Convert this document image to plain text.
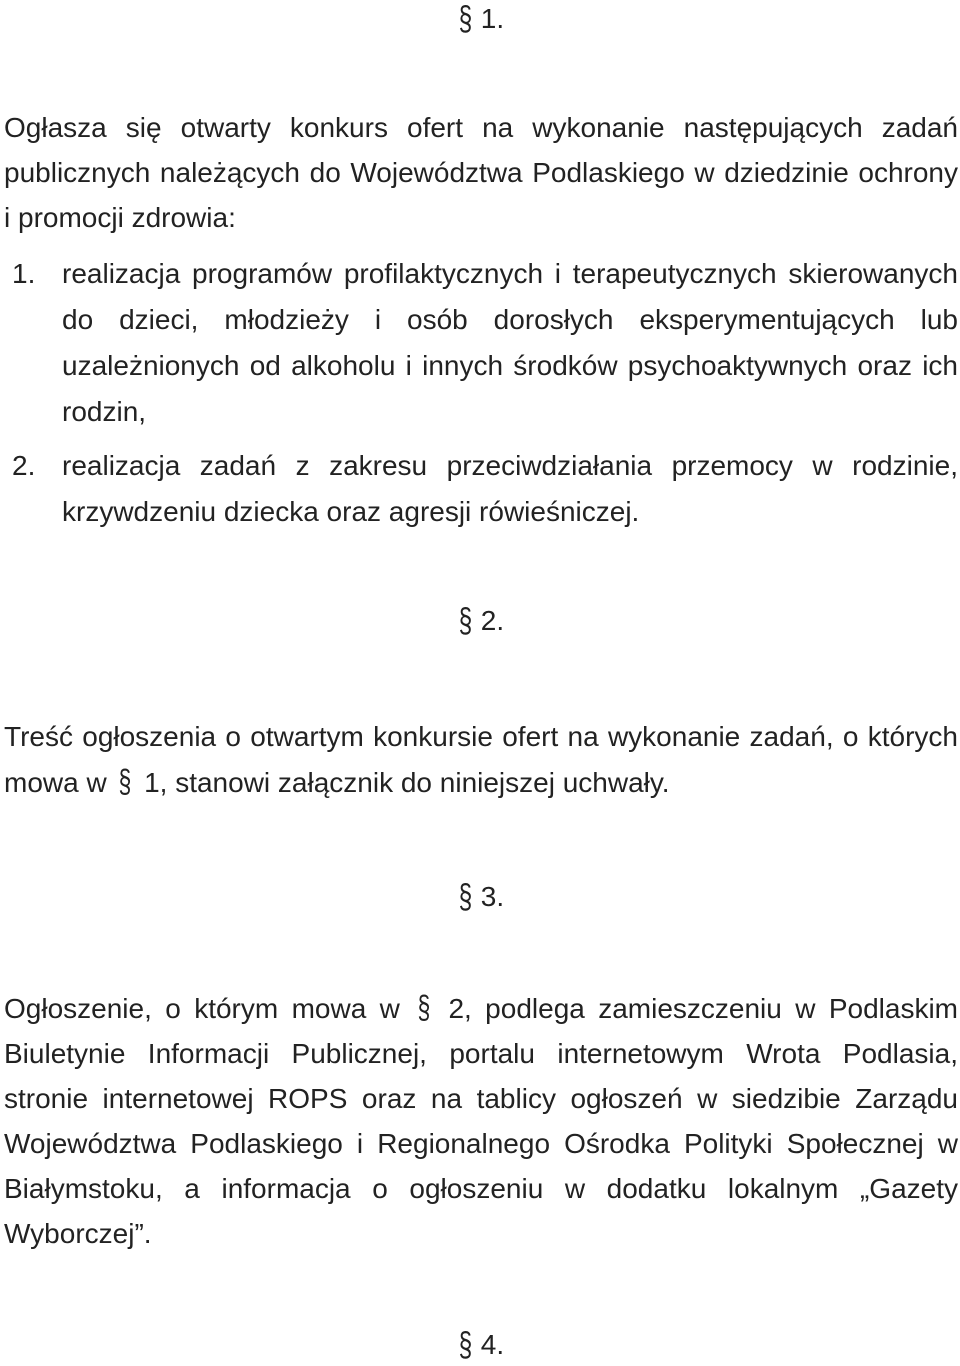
§ 1.

Ogłasza się otwarty konkurs ofert na wykonanie następujących zadań publicznych należących do Województwa Podlaskiego w dziedzinie ochrony i promocji zdrowia:

1. realizacja programów profilaktycznych i terapeutycznych skierowanych do dzieci, młodzieży i osób dorosłych eksperymentujących lub uzależnionych od alkoholu i innych środków psychoaktywnych oraz ich rodzin,
2. realizacja zadań z zakresu przeciwdziałania przemocy w rodzinie, krzywdzeniu dziecka oraz agresji rówieśniczej.
§ 2.

Treść ogłoszenia o otwartym konkursie ofert na wykonanie zadań, o których mowa w § 1, stanowi załącznik do niniejszej uchwały.

§ 3.

Ogłoszenie, o którym mowa w § 2, podlega zamieszczeniu w Podlaskim Biuletynie Informacji Publicznej, portalu internetowym Wrota Podlasia, stronie internetowej ROPS oraz na tablicy ogłoszeń w siedzibie Zarządu Województwa Podlaskiego i Regionalnego Ośrodka Polityki Społecznej w Białymstoku, a informacja o ogłoszeniu w dodatku lokalnym „Gazety Wyborczej”.

§ 4.
